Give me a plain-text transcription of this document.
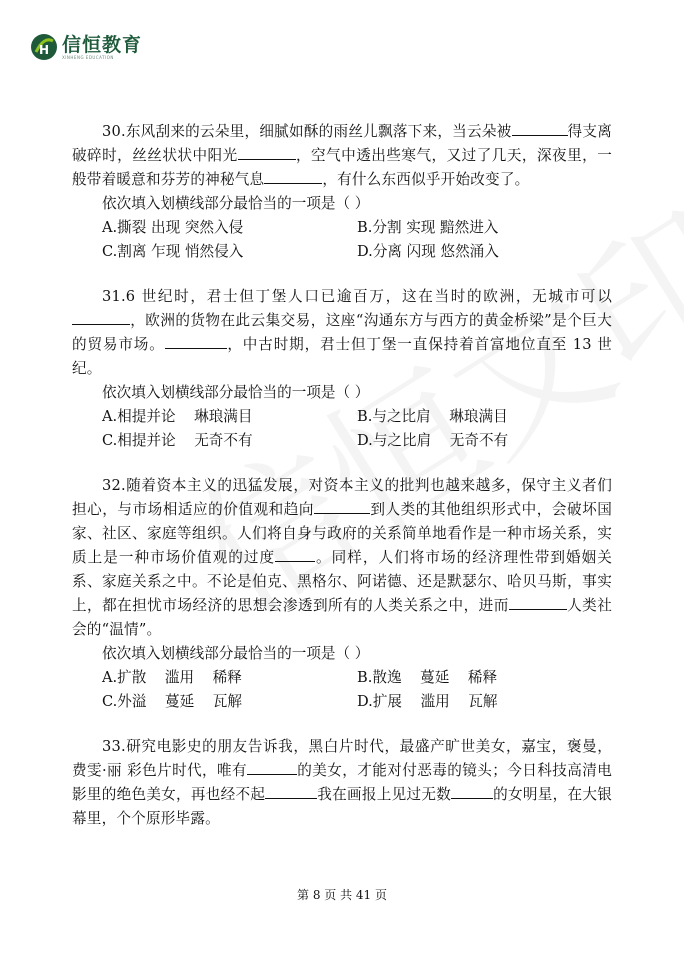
H 信恒教育
XINHENG EDUCATION

30.东风刮来的云朵里，细腻如酥的雨丝儿飘落下来，当云朵被	得支离破碎时，丝丝状状中阳光	，空气中透出些寒气，又过了几天，深夜里，一般带着暖意和芬芳的神秘气息	，有什么东西似乎开始改变了。

依次填入划横线部分最恰当的一项是（ ）

A.撕裂 出现 突然入侵	B.分割 实现 黯然进入
C.割离 乍现 悄然侵入	D.分离 闪现 悠然涌入

31.6 世纪时，君士但丁堡人口已逾百万，这在当时的欧洲，无城市可以，欧洲的货物在此云集交易，这座“沟通东方与西方的黄金桥梁”是个巨大的贸易市场。	，中古时期，君士但丁堡一直保持着首富地位直至 13 世纪。

依次填入划横线部分最恰当的一项是（ ）

A.相提并论    琳琅满目	B.与之比肩    琳琅满目
C.相提并论    无奇不有	D.与之比肩    无奇不有

32.随着资本主义的迅猛发展，对资本主义的批判也越来越多，保守主义者们担心，与市场相适应的价值观和趋向	到人类的其他组织形式中，会破坏国家、社区、家庭等组织。人们将自身与政府的关系简单地看作是一种市场关系，实质上是一种市场价值观的过度	。同样，人们将市场的经济理性带到婚姻关系、家庭关系之中。不论是伯克、黑格尔、阿诺德、还是默瑟尔、哈贝马斯，事实上，都在担忧市场经济的思想会渗透到所有的人类关系之中，进而	人类社会的“温情”。

依次填入划横线部分最恰当的一项是（ ）

A.扩散    滥用    稀释	B.散逸    蔓延    稀释
C.外溢    蔓延    瓦解	D.扩展    滥用    瓦解

33.研究电影史的朋友告诉我，黑白片时代，最盛产旷世美女，嘉宝，褒曼，费雯·丽 彩色片时代，唯有	的美女，才能对付恶毒的镜头；今日科技高清电影里的绝色美女，再也经不起	我在画报上见过无数	的女明星，在大银幕里，个个原形毕露。

第 8 页 共 41 页
